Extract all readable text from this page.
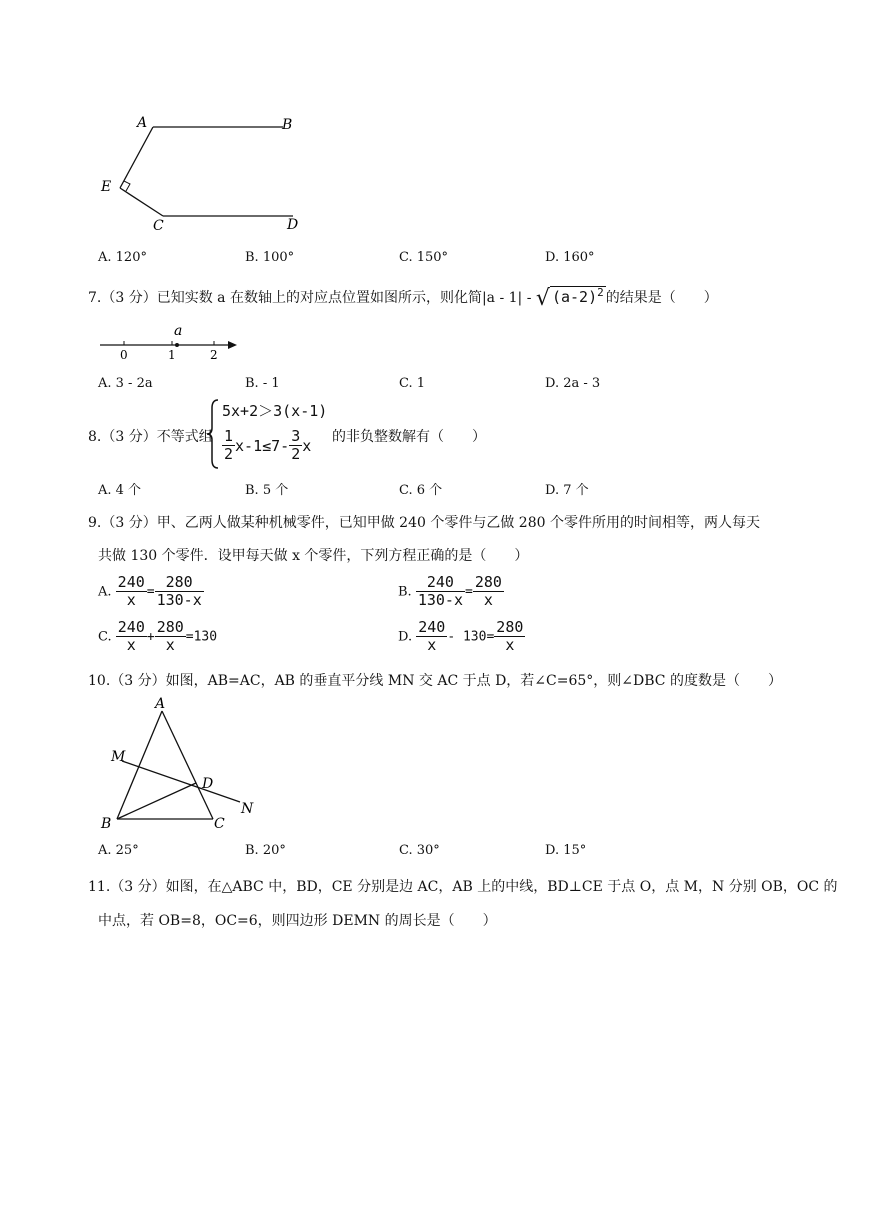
A	B
E
C	D
A. 120°	B. 100°	C. 150°	D. 160°
7.（3 分）已知实数 a 在数轴上的对应点位置如图所示，则化简|a - 1| - √ $(a-2)^2$ 的结果是（　　）
a
0	1	2
A. 3 - 2a	B. - 1	C. 1	D. 2a - 3
8.（3 分）不等式组
5x+2＞3(x-1)
$\frac{1}{2} x-1\le 7- \frac{3}{2}$ x 的非负整数解有（　　）
A. 4 个	B. 5 个	C. 6 个	D. 7 个
9.（3 分）甲、乙两人做某种机械零件，已知甲做 240 个零件与乙做 280 个零件所用的时间相等，两人每天
共做 130 个零件．设甲每天做 x 个零件，下列方程正确的是（　　）
A. $\frac{240}{x} = \frac{280}{130-x}$	B. $\frac{240}{130-x} = \frac{280}{x}$
C. $\frac{240}{x} + \frac{280}{x} =130$	D. $\frac{240}{x} - 130= \frac{280}{x}$
10.（3 分）如图，AB=AC，AB 的垂直平分线 MN 交 AC 于点 D，若∠C=65°，则∠DBC 的度数是（　　）
A
M
D
N
B	C
A. 25°	B. 20°	C. 30°	D. 15°
11.（3 分）如图，在△ABC 中，BD，CE 分别是边 AC，AB 上的中线，BD⊥CE 于点 O，点 M，N 分别 OB，OC 的
中点，若 OB=8，OC=6，则四边形 DEMN 的周长是（　　）
